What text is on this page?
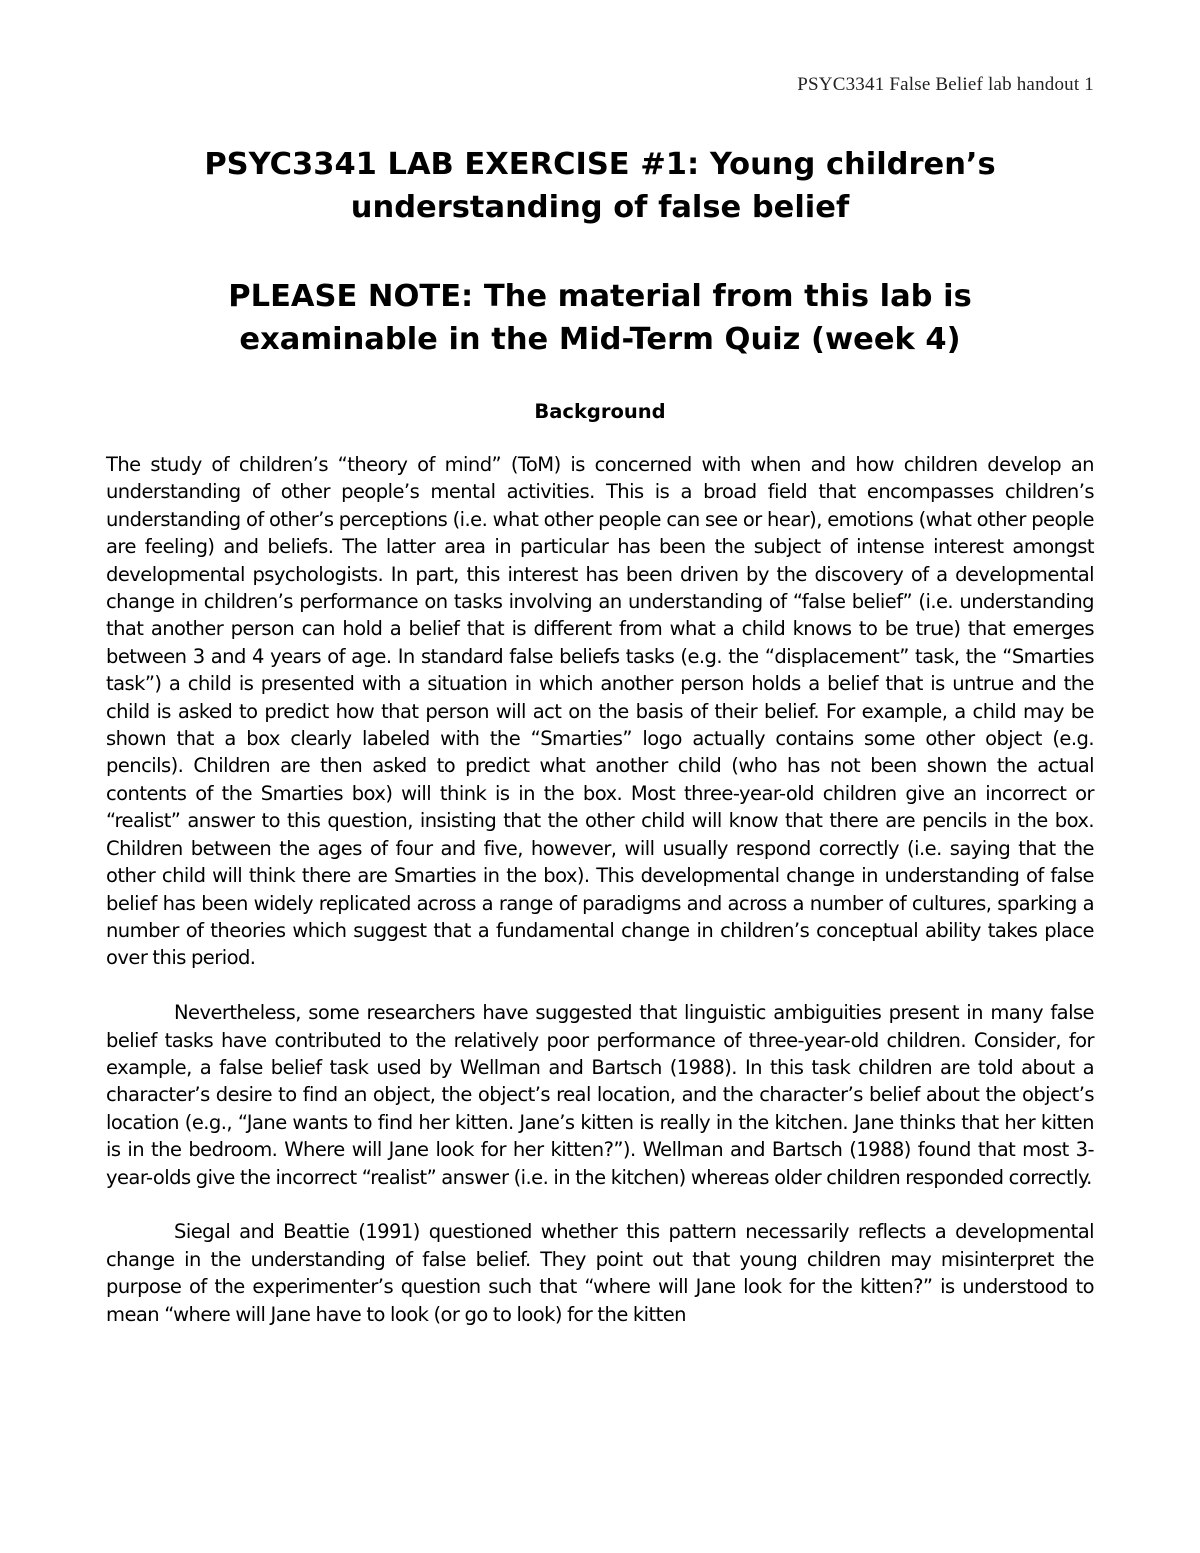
PSYC3341 False Belief lab handout 1
PSYC3341 LAB EXERCISE #1: Young children’s
understanding of false belief
PLEASE NOTE: The material from this lab is
examinable in the Mid-Term Quiz (week 4)
Background

The study of children’s “theory of mind” (ToM) is concerned with when and how children develop an understanding of other people’s mental activities. This is a broad field that encompasses children’s understanding of other’s perceptions (i.e. what other people can see or hear), emotions (what other people are feeling) and beliefs. The latter area in particular has been the subject of intense interest amongst developmental psychologists. In part, this interest has been driven by the discovery of a developmental change in children’s performance on tasks involving an understanding of “false belief” (i.e. understanding that another person can hold a belief that is different from what a child knows to be true) that emerges between 3 and 4 years of age. In standard false beliefs tasks (e.g. the “displacement” task, the “Smarties task”) a child is presented with a situation in which another person holds a belief that is untrue and the child is asked to predict how that person will act on the basis of their belief. For example, a child may be shown that a box clearly labeled with the “Smarties” logo actually contains some other object (e.g. pencils). Children are then asked to predict what another child (who has not been shown the actual contents of the Smarties box) will think is in the box. Most three-year-old children give an incorrect or “realist” answer to this question, insisting that the other child will know that there are pencils in the box. Children between the ages of four and five, however, will usually respond correctly (i.e. saying that the other child will think there are Smarties in the box). This developmental change in understanding of false belief has been widely replicated across a range of paradigms and across a number of cultures, sparking a number of theories which suggest that a fundamental change in children’s conceptual ability takes place over this period.

Nevertheless, some researchers have suggested that linguistic ambiguities present in many false belief tasks have contributed to the relatively poor performance of three-year-old children. Consider, for example, a false belief task used by Wellman and Bartsch (1988). In this task children are told about a character’s desire to find an object, the object’s real location, and the character’s belief about the object’s location (e.g., “Jane wants to find her kitten. Jane’s kitten is really in the kitchen. Jane thinks that her kitten is in the bedroom. Where will Jane look for her kitten?”). Wellman and Bartsch (1988) found that most 3-year-olds give the incorrect “realist” answer (i.e. in the kitchen) whereas older children responded correctly.

Siegal and Beattie (1991) questioned whether this pattern necessarily reflects a developmental change in the understanding of false belief. They point out that young children may misinterpret the purpose of the experimenter’s question such that “where will Jane look for the kitten?” is understood to mean “where will Jane have to look (or go to look) for the kitten
